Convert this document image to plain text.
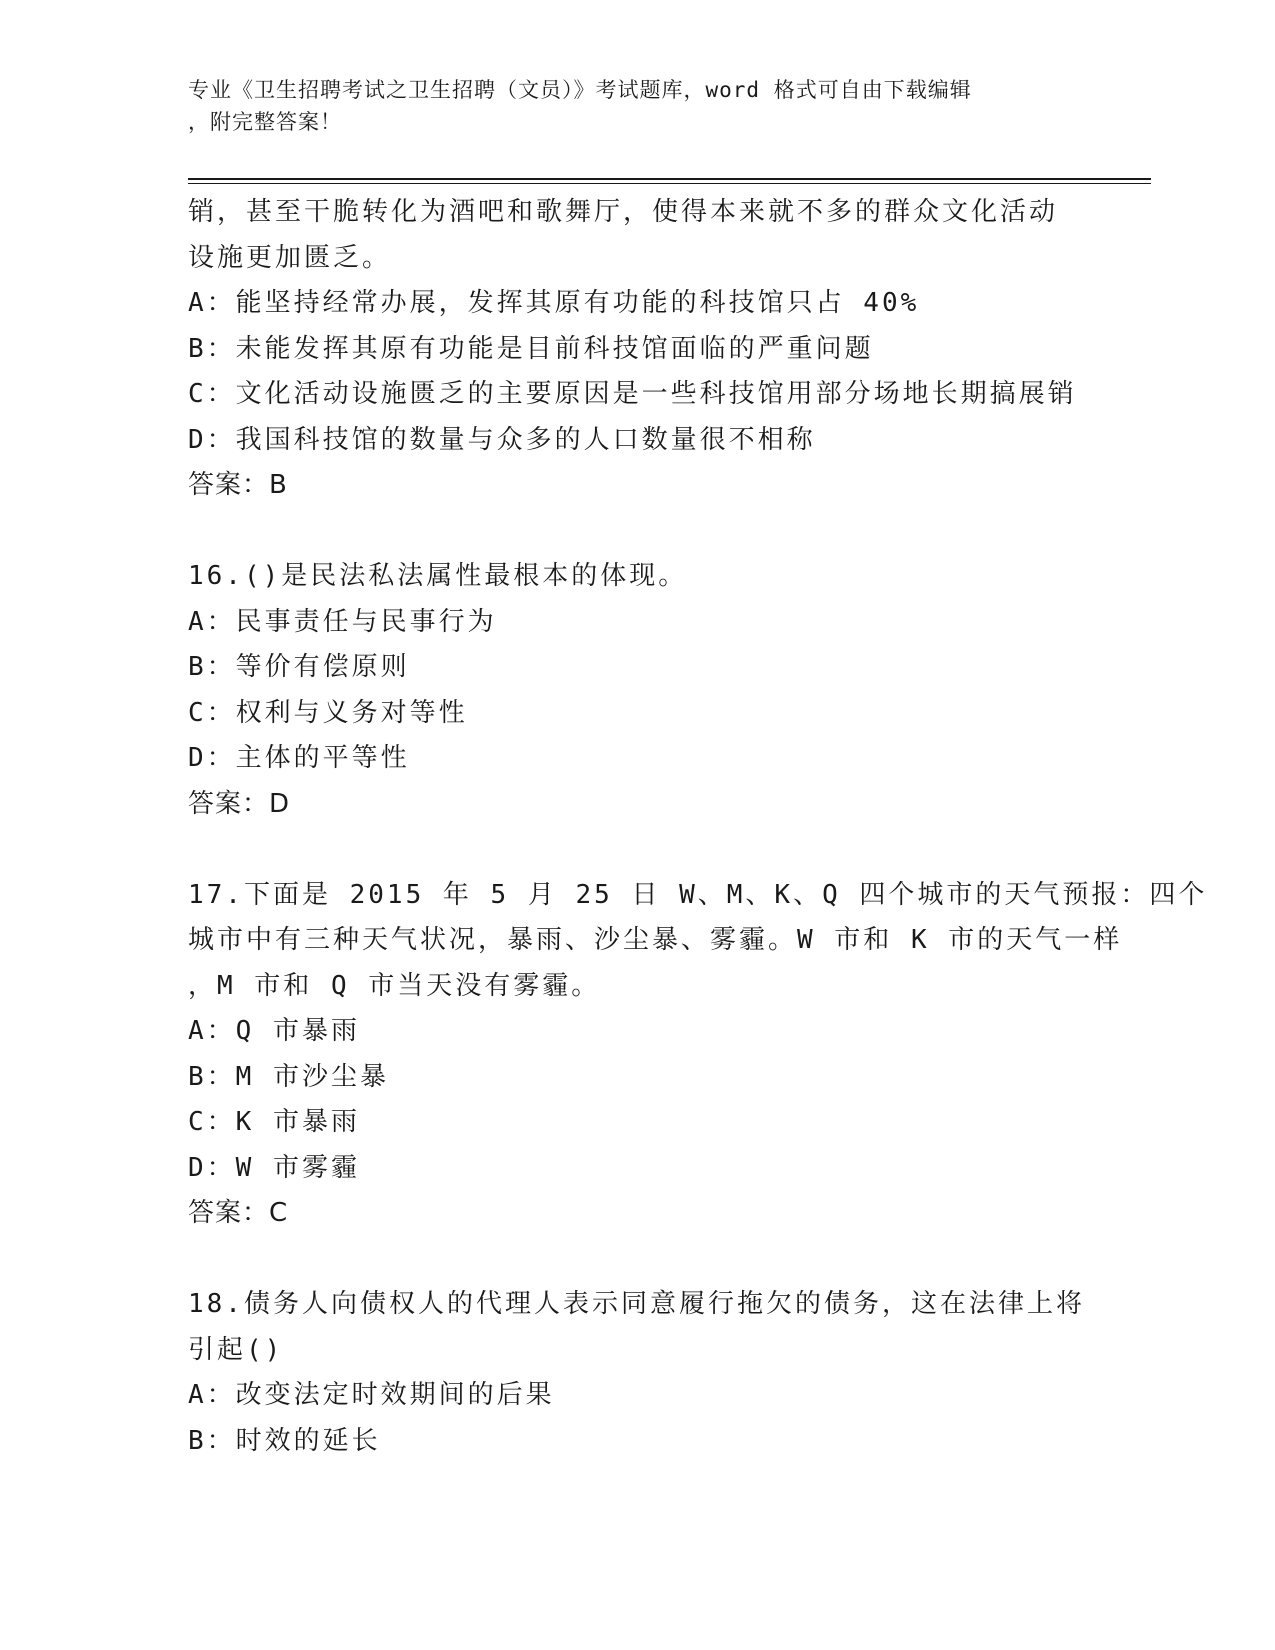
专业《卫生招聘考试之卫生招聘（文员）》考试题库，word 格式可自由下载编辑
，附完整答案！
销，甚至干脆转化为酒吧和歌舞厅，使得本来就不多的群众文化活动
设施更加匮乏。
A：能坚持经常办展，发挥其原有功能的科技馆只占 40%
B：未能发挥其原有功能是目前科技馆面临的严重问题
C：文化活动设施匮乏的主要原因是一些科技馆用部分场地长期搞展销
D：我国科技馆的数量与众多的人口数量很不相称
答案：B
16.()是民法私法属性最根本的体现。
A：民事责任与民事行为
B：等价有偿原则
C：权利与义务对等性
D：主体的平等性
答案：D
17.下面是 2015 年 5 月 25 日 W、M、K、Q 四个城市的天气预报：四个
城市中有三种天气状况，暴雨、沙尘暴、雾霾。W 市和 K 市的天气一样
，M 市和 Q 市当天没有雾霾。
A：Q 市暴雨
B：M 市沙尘暴
C：K 市暴雨
D：W 市雾霾
答案：C
18.债务人向债权人的代理人表示同意履行拖欠的债务，这在法律上将
引起()
A：改变法定时效期间的后果
B：时效的延长
